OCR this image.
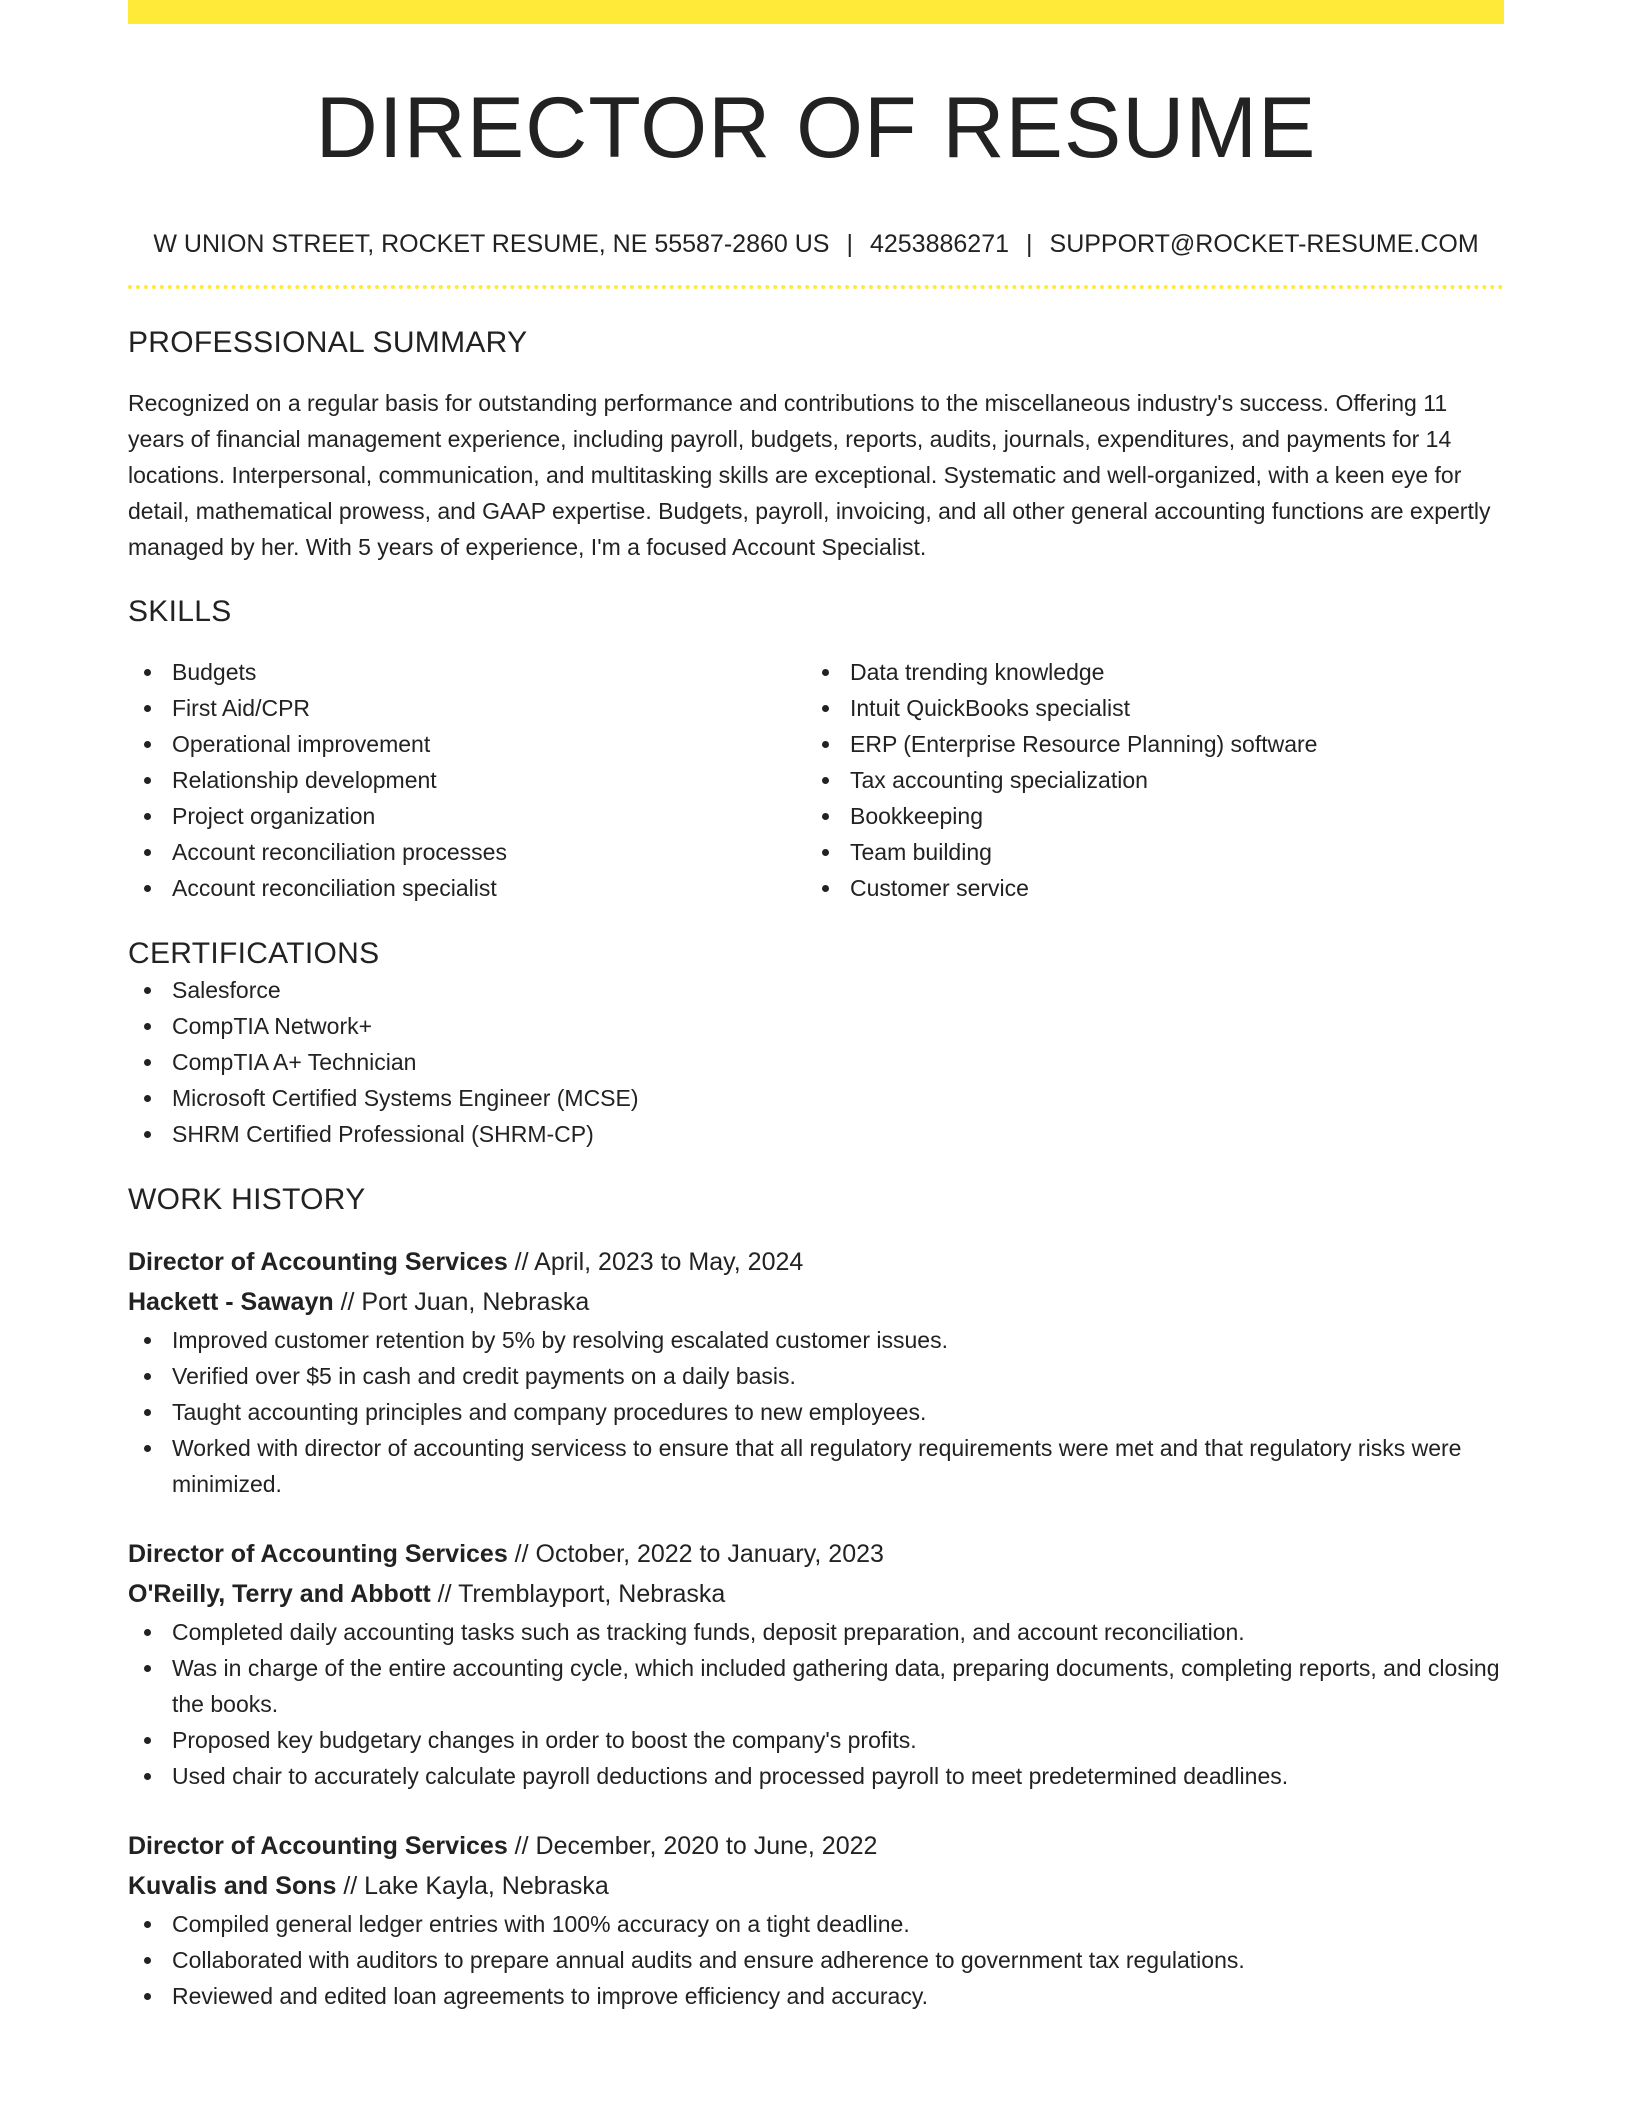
DIRECTOR OF RESUME
W UNION STREET, ROCKET RESUME, NE 55587-2860 US | 4253886271 | SUPPORT@ROCKET-RESUME.COM
PROFESSIONAL SUMMARY
Recognized on a regular basis for outstanding performance and contributions to the miscellaneous industry's success. Offering 11 years of financial management experience, including payroll, budgets, reports, audits, journals, expenditures, and payments for 14 locations. Interpersonal, communication, and multitasking skills are exceptional. Systematic and well-organized, with a keen eye for detail, mathematical prowess, and GAAP expertise. Budgets, payroll, invoicing, and all other general accounting functions are expertly managed by her. With 5 years of experience, I'm a focused Account Specialist.
SKILLS
Budgets
First Aid/CPR
Operational improvement
Relationship development
Project organization
Account reconciliation processes
Account reconciliation specialist
Data trending knowledge
Intuit QuickBooks specialist
ERP (Enterprise Resource Planning) software
Tax accounting specialization
Bookkeeping
Team building
Customer service
CERTIFICATIONS
Salesforce
CompTIA Network+
CompTIA A+ Technician
Microsoft Certified Systems Engineer (MCSE)
SHRM Certified Professional (SHRM-CP)
WORK HISTORY
Director of Accounting Services // April, 2023 to May, 2024
Hackett - Sawayn // Port Juan, Nebraska
Improved customer retention by 5% by resolving escalated customer issues.
Verified over $5 in cash and credit payments on a daily basis.
Taught accounting principles and company procedures to new employees.
Worked with director of accounting servicess to ensure that all regulatory requirements were met and that regulatory risks were minimized.
Director of Accounting Services // October, 2022 to January, 2023
O'Reilly, Terry and Abbott // Tremblayport, Nebraska
Completed daily accounting tasks such as tracking funds, deposit preparation, and account reconciliation.
Was in charge of the entire accounting cycle, which included gathering data, preparing documents, completing reports, and closing the books.
Proposed key budgetary changes in order to boost the company's profits.
Used chair to accurately calculate payroll deductions and processed payroll to meet predetermined deadlines.
Director of Accounting Services // December, 2020 to June, 2022
Kuvalis and Sons // Lake Kayla, Nebraska
Compiled general ledger entries with 100% accuracy on a tight deadline.
Collaborated with auditors to prepare annual audits and ensure adherence to government tax regulations.
Reviewed and edited loan agreements to improve efficiency and accuracy.
